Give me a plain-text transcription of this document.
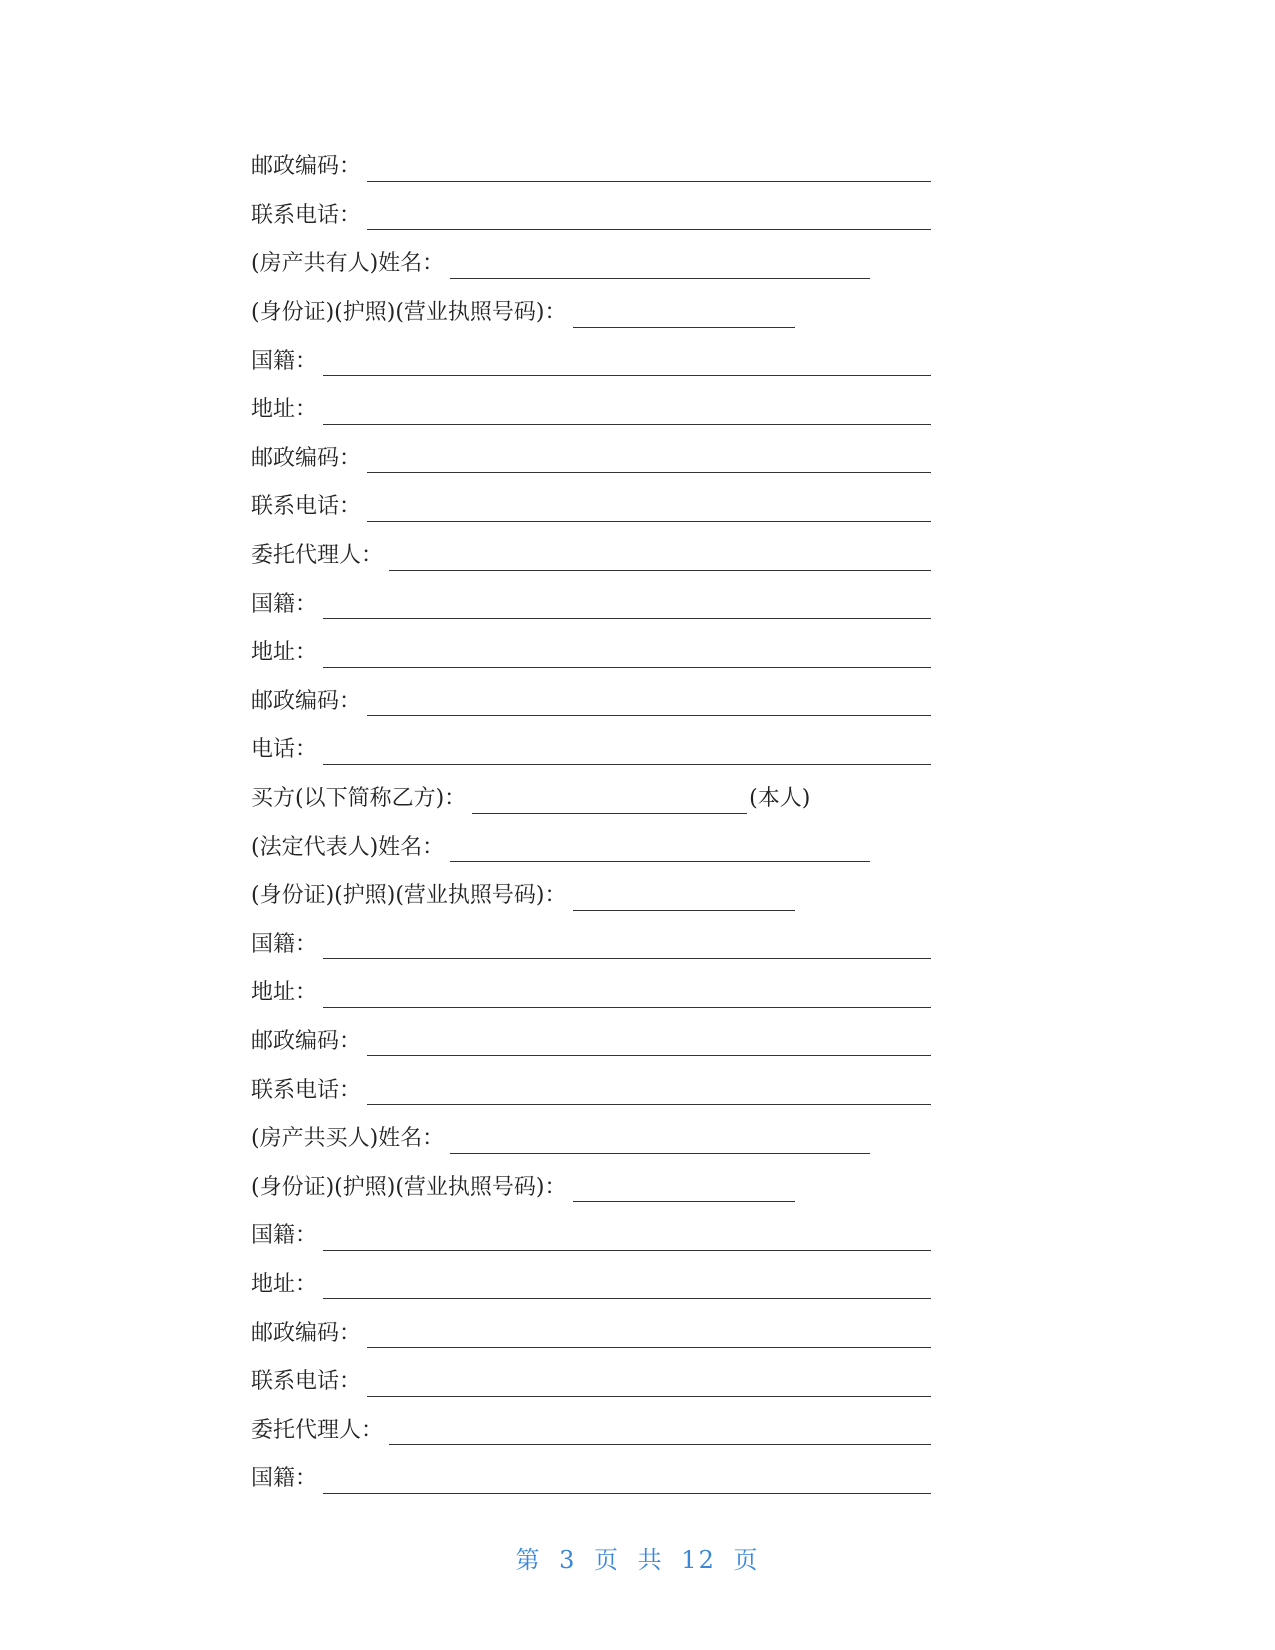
邮政编码：
联系电话：
(房产共有人)姓名：
(身份证)(护照)(营业执照号码)：
国籍：
地址：
邮政编码：
联系电话：
委托代理人：
国籍：
地址：
邮政编码：
电话：
买方(以下简称乙方)：	(本人)
(法定代表人)姓名：
(身份证)(护照)(营业执照号码)：
国籍：
地址：
邮政编码：
联系电话：
(房产共买人)姓名：
(身份证)(护照)(营业执照号码)：
国籍：
地址：
邮政编码：
联系电话：
委托代理人：
国籍：
第 3 页 共 12 页
